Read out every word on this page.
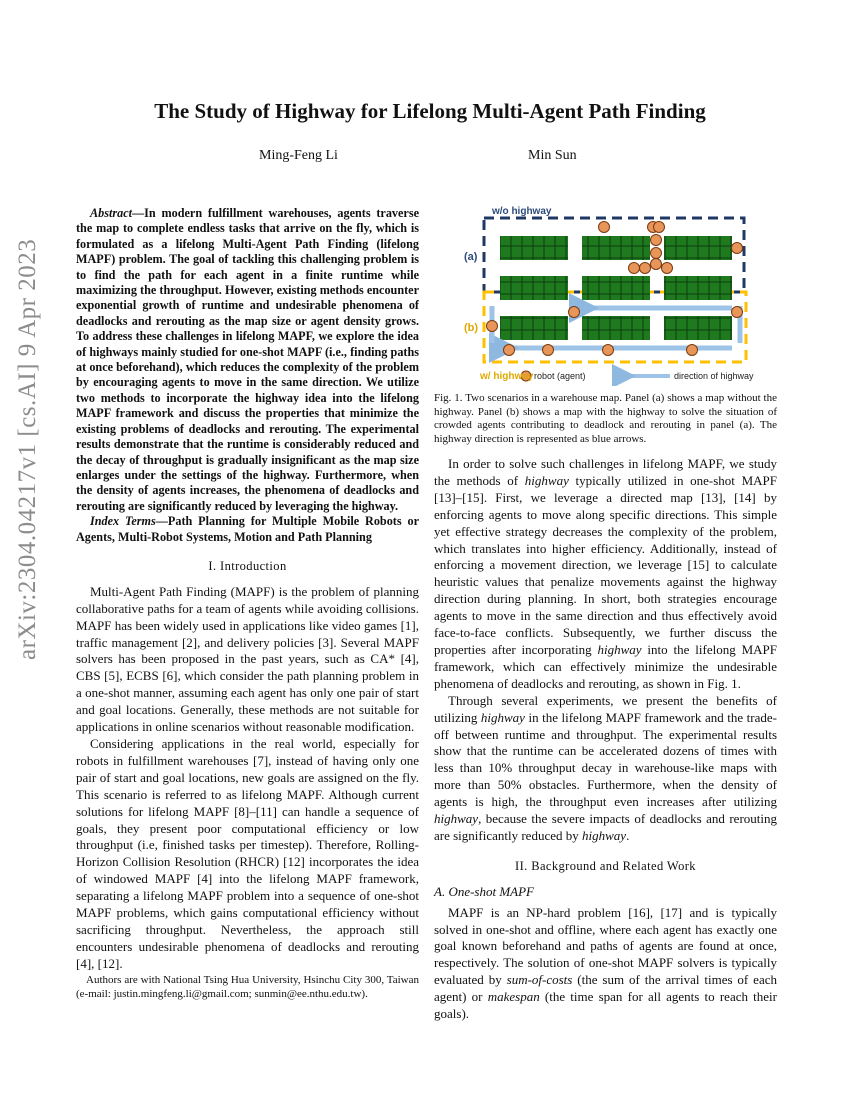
arXiv:2304.04217v1 [cs.AI] 9 Apr 2023
The Study of Highway for Lifelong Multi-Agent Path Finding
Ming-Feng Li	Min Sun

Abstract—In modern fulfillment warehouses, agents traverse the map to complete endless tasks that arrive on the fly, which is formulated as a lifelong Multi-Agent Path Finding (lifelong MAPF) problem. The goal of tackling this challenging problem is to find the path for each agent in a finite runtime while maximizing the throughput. However, existing methods encounter exponential growth of runtime and undesirable phenomena of deadlocks and rerouting as the map size or agent density grows. To address these challenges in lifelong MAPF, we explore the idea of highways mainly studied for one-shot MAPF (i.e., finding paths at once beforehand), which reduces the complexity of the problem by encouraging agents to move in the same direction. We utilize two methods to incorporate the highway idea into the lifelong MAPF framework and discuss the properties that minimize the existing problems of deadlocks and rerouting. The experimental results demonstrate that the runtime is considerably reduced and the decay of throughput is gradually insignificant as the map size enlarges under the settings of the highway. Furthermore, when the density of agents increases, the phenomena of deadlocks and rerouting are significantly reduced by leveraging the highway.

Index Terms—Path Planning for Multiple Mobile Robots or Agents, Multi-Robot Systems, Motion and Path Planning

I. Introduction

Multi-Agent Path Finding (MAPF) is the problem of planning collaborative paths for a team of agents while avoiding collisions. MAPF has been widely used in applications like video games [1], traffic management [2], and delivery policies [3]. Several MAPF solvers has been proposed in the past years, such as CA* [4], CBS [5], ECBS [6], which consider the path planning problem in a one-shot manner, assuming each agent has only one pair of start and goal locations. Generally, these methods are not suitable for applications in online scenarios without reasonable modification.

Considering applications in the real world, especially for robots in fulfillment warehouses [7], instead of having only one pair of start and goal locations, new goals are assigned on the fly. This scenario is referred to as lifelong MAPF. Although current solutions for lifelong MAPF [8]–[11] can handle a sequence of goals, they present poor computational efficiency or low throughput (i.e, finished tasks per timestep). Therefore, Rolling-Horizon Collision Resolution (RHCR) [12] incorporates the idea of windowed MAPF [4] into the lifelong MAPF framework, separating a lifelong MAPF problem into a sequence of one-shot MAPF problems, which gains computational efficiency without sacrificing throughput. Nevertheless, the approach still encounters undesirable phenomena of deadlocks and rerouting [4], [12].

Authors are with National Tsing Hua University, Hsinchu City 300, Taiwan (e-mail: justin.mingfeng.li@gmail.com; sunmin@ee.nthu.edu.tw).

w/o highway
(a)
(b)
w/ highway robot (agent)	direction of highway
Fig. 1. Two scenarios in a warehouse map. Panel (a) shows a map without the highway. Panel (b) shows a map with the highway to solve the situation of crowded agents contributing to deadlock and rerouting in panel (a). The highway direction is represented as blue arrows.

In order to solve such challenges in lifelong MAPF, we study the methods of highway typically utilized in one-shot MAPF [13]–[15]. First, we leverage a directed map [13], [14] by enforcing agents to move along specific directions. This simple yet effective strategy decreases the complexity of the problem, which translates into higher efficiency. Additionally, instead of enforcing a movement direction, we leverage [15] to calculate heuristic values that penalize movements against the highway direction during planning. In short, both strategies encourage agents to move in the same direction and thus effectively avoid face-to-face conflicts. Subsequently, we further discuss the properties after incorporating highway into the lifelong MAPF framework, which can effectively minimize the undesirable phenomena of deadlocks and rerouting, as shown in Fig. 1.

Through several experiments, we present the benefits of utilizing highway in the lifelong MAPF framework and the trade-off between runtime and throughput. The experimental results show that the runtime can be accelerated dozens of times with less than 10% throughput decay in warehouse-like maps with more than 50% obstacles. Furthermore, when the density of agents is high, the throughput even increases after utilizing highway, because the severe impacts of deadlocks and rerouting are significantly reduced by highway.

II. Background and Related Work
A. One-shot MAPF

MAPF is an NP-hard problem [16], [17] and is typically solved in one-shot and offline, where each agent has exactly one goal known beforehand and paths of agents are found at once, respectively. The solution of one-shot MAPF solvers is typically evaluated by sum-of-costs (the sum of the arrival times of each agent) or makespan (the time span for all agents to reach their goals).
